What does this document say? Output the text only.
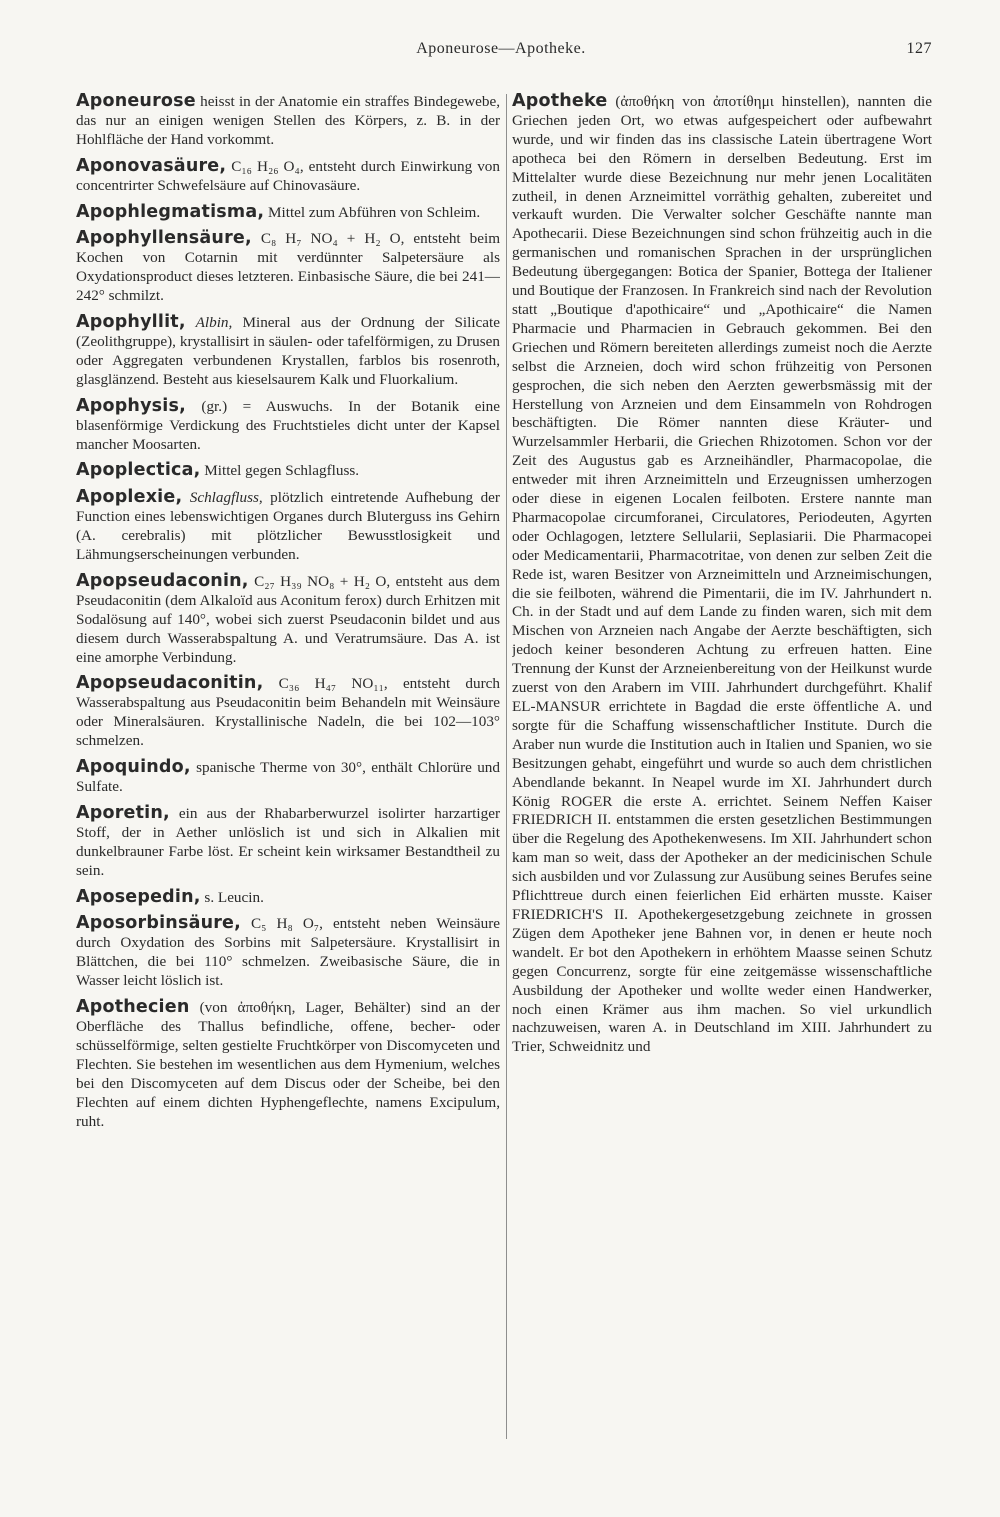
Aponeurose—Apotheke.	127

Aponeurose heisst in der Anatomie ein straffes Bindegewebe, das nur an einigen wenigen Stellen des Körpers, z. B. in der Hohlfläche der Hand vorkommt.

Aponovasäure, C₁₆ H₂₆ O₄, entsteht durch Einwirkung von concentrirter Schwefelsäure auf Chinovasäure.

Apophlegmatisma, Mittel zum Abführen von Schleim.

Apophyllensäure, C₈ H₇ NO₄ + H₂ O, entsteht beim Kochen von Cotarnin mit verdünnter Salpetersäure als Oxydationsproduct dieses letzteren. Einbasische Säure, die bei 241—242° schmilzt.

Apophyllit, Albin, Mineral aus der Ordnung der Silicate (Zeolithgruppe), krystallisirt in säulen- oder tafelförmigen, zu Drusen oder Aggregaten verbundenen Krystallen, farblos bis rosenroth, glasglänzend. Besteht aus kieselsaurem Kalk und Fluorkalium.

Apophysis, (gr.) = Auswuchs. In der Botanik eine blasenförmige Verdickung des Fruchtstieles dicht unter der Kapsel mancher Moosarten.

Apoplectica, Mittel gegen Schlagfluss.

Apoplexie, Schlagfluss, plötzlich eintretende Aufhebung der Function eines lebenswichtigen Organes durch Bluterguss ins Gehirn (A. cerebralis) mit plötzlicher Bewusstlosigkeit und Lähmungserscheinungen verbunden.

Apopseudaconin, C₂₇ H₃₉ NO₈ + H₂ O, entsteht aus dem Pseudaconitin (dem Alkaloïd aus Aconitum ferox) durch Erhitzen mit Sodalösung auf 140°, wobei sich zuerst Pseudaconin bildet und aus diesem durch Wasserabspaltung A. und Veratrumsäure. Das A. ist eine amorphe Verbindung.

Apopseudaconitin, C₃₆ H₄₇ NO₁₁, entsteht durch Wasserabspaltung aus Pseudaconitin beim Behandeln mit Weinsäure oder Mineralsäuren. Krystallinische Nadeln, die bei 102—103° schmelzen.

Apoquindo, spanische Therme von 30°, enthält Chlorüre und Sulfate.

Aporetin, ein aus der Rhabarberwurzel isolirter harzartiger Stoff, der in Aether unlöslich ist und sich in Alkalien mit dunkelbrauner Farbe löst. Er scheint kein wirksamer Bestandtheil zu sein.

Aposepedin, s. Leucin.

Aposorbinsäure, C₅ H₈ O₇, entsteht neben Weinsäure durch Oxydation des Sorbins mit Salpetersäure. Krystallisirt in Blättchen, die bei 110° schmelzen. Zweibasische Säure, die in Wasser leicht löslich ist.

Apothecien (von ἀποθήκη, Lager, Behälter) sind an der Oberfläche des Thallus befindliche, offene, becher- oder schüsselförmige, selten gestielte Fruchtkörper von Discomyceten und Flechten. Sie bestehen im wesentlichen aus dem Hymenium, welches bei den Discomyceten auf dem Discus oder der Scheibe, bei den Flechten auf einem dichten Hyphengeflechte, namens Excipulum, ruht.

Apotheke (ἀποθήκη von ἀποτίθημι hinstellen), nannten die Griechen jeden Ort, wo etwas aufgespeichert oder aufbewahrt wurde, und wir finden das ins classische Latein übertragene Wort apotheca bei den Römern in derselben Bedeutung. Erst im Mittelalter wurde diese Bezeichnung nur mehr jenen Localitäten zutheil, in denen Arzneimittel vorräthig gehalten, zubereitet und verkauft wurden. Die Verwalter solcher Geschäfte nannte man Apothecarii. Diese Bezeichnungen sind schon frühzeitig auch in die germanischen und romanischen Sprachen in der ursprünglichen Bedeutung übergegangen: Botica der Spanier, Bottega der Italiener und Boutique der Franzosen. In Frankreich sind nach der Revolution statt „Boutique d'apothicaire“ und „Apothicaire“ die Namen Pharmacie und Pharmacien in Gebrauch gekommen. Bei den Griechen und Römern bereiteten allerdings zumeist noch die Aerzte selbst die Arzneien, doch wird schon frühzeitig von Personen gesprochen, die sich neben den Aerzten gewerbsmässig mit der Herstellung von Arzneien und dem Einsammeln von Rohdrogen beschäftigten. Die Römer nannten diese Kräuter- und Wurzelsammler Herbarii, die Griechen Rhizotomen. Schon vor der Zeit des Augustus gab es Arzneihändler, Pharmacopolae, die entweder mit ihren Arzneimitteln und Erzeugnissen umherzogen oder diese in eigenen Localen feilboten. Erstere nannte man Pharmacopolae circumforanei, Circulatores, Periodeuten, Agyrten oder Ochlagogen, letztere Sellularii, Seplasiarii. Die Pharmacopei oder Medicamentarii, Pharmacotritae, von denen zur selben Zeit die Rede ist, waren Besitzer von Arzneimitteln und Arzneimischungen, die sie feilboten, während die Pimentarii, die im IV. Jahrhundert n. Ch. in der Stadt und auf dem Lande zu finden waren, sich mit dem Mischen von Arzneien nach Angabe der Aerzte beschäftigten, sich jedoch keiner besonderen Achtung zu erfreuen hatten. Eine Trennung der Kunst der Arzneienbereitung von der Heilkunst wurde zuerst von den Arabern im VIII. Jahrhundert durchgeführt. Khalif EL-MANSUR errichtete in Bagdad die erste öffentliche A. und sorgte für die Schaffung wissenschaftlicher Institute. Durch die Araber nun wurde die Institution auch in Italien und Spanien, wo sie Besitzungen gehabt, eingeführt und wurde so auch dem christlichen Abendlande bekannt. In Neapel wurde im XI. Jahrhundert durch König ROGER die erste A. errichtet. Seinem Neffen Kaiser FRIEDRICH II. entstammen die ersten gesetzlichen Bestimmungen über die Regelung des Apothekenwesens. Im XII. Jahrhundert schon kam man so weit, dass der Apotheker an der medicinischen Schule sich ausbilden und vor Zulassung zur Ausübung seines Berufes seine Pflichttreue durch einen feierlichen Eid erhärten musste. Kaiser FRIEDRICH'S II. Apothekergesetzgebung zeichnete in grossen Zügen dem Apotheker jene Bahnen vor, in denen er heute noch wandelt. Er bot den Apothekern in erhöhtem Maasse seinen Schutz gegen Concurrenz, sorgte für eine zeitgemässe wissenschaftliche Ausbildung der Apotheker und wollte weder einen Handwerker, noch einen Krämer aus ihm machen. So viel urkundlich nachzuweisen, waren A. in Deutschland im XIII. Jahrhundert zu Trier, Schweidnitz und
